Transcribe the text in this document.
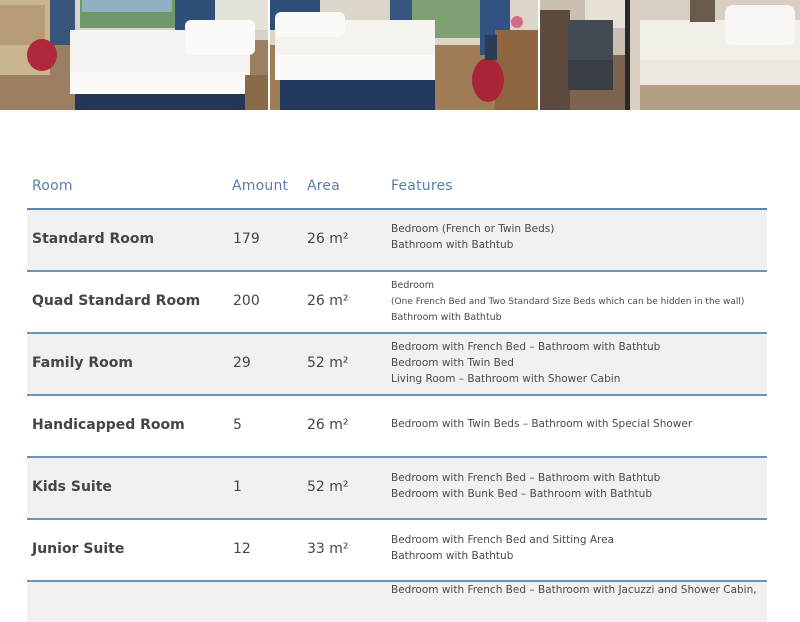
Room	Amount Area	Features
Standard Room	179	26 m²
Bedroom (French or Twin Beds)
Bathroom with Bathtub
Quad Standard Room 200	26 m²
Bedroom
(One French Bed and Two Standard Size Beds which can be hidden in the wall)
Bathroom with Bathtub
Family Room	29	52 m²
Bedroom with French Bed – Bathroom with Bathtub
Bedroom with Twin Bed
Living Room – Bathroom with Shower Cabin
Handicapped Room	5	26 m²	Bedroom with Twin Beds – Bathroom with Special Shower
Kids Suite	1	52 m²
Bedroom with French Bed – Bathroom with Bathtub
Bedroom with Bunk Bed – Bathroom with Bathtub
Junior Suite	12	33 m²
Bedroom with French Bed and Sitting Area
Bathroom with Bathtub
Bedroom with French Bed – Bathroom with Jacuzzi and Shower Cabin,
